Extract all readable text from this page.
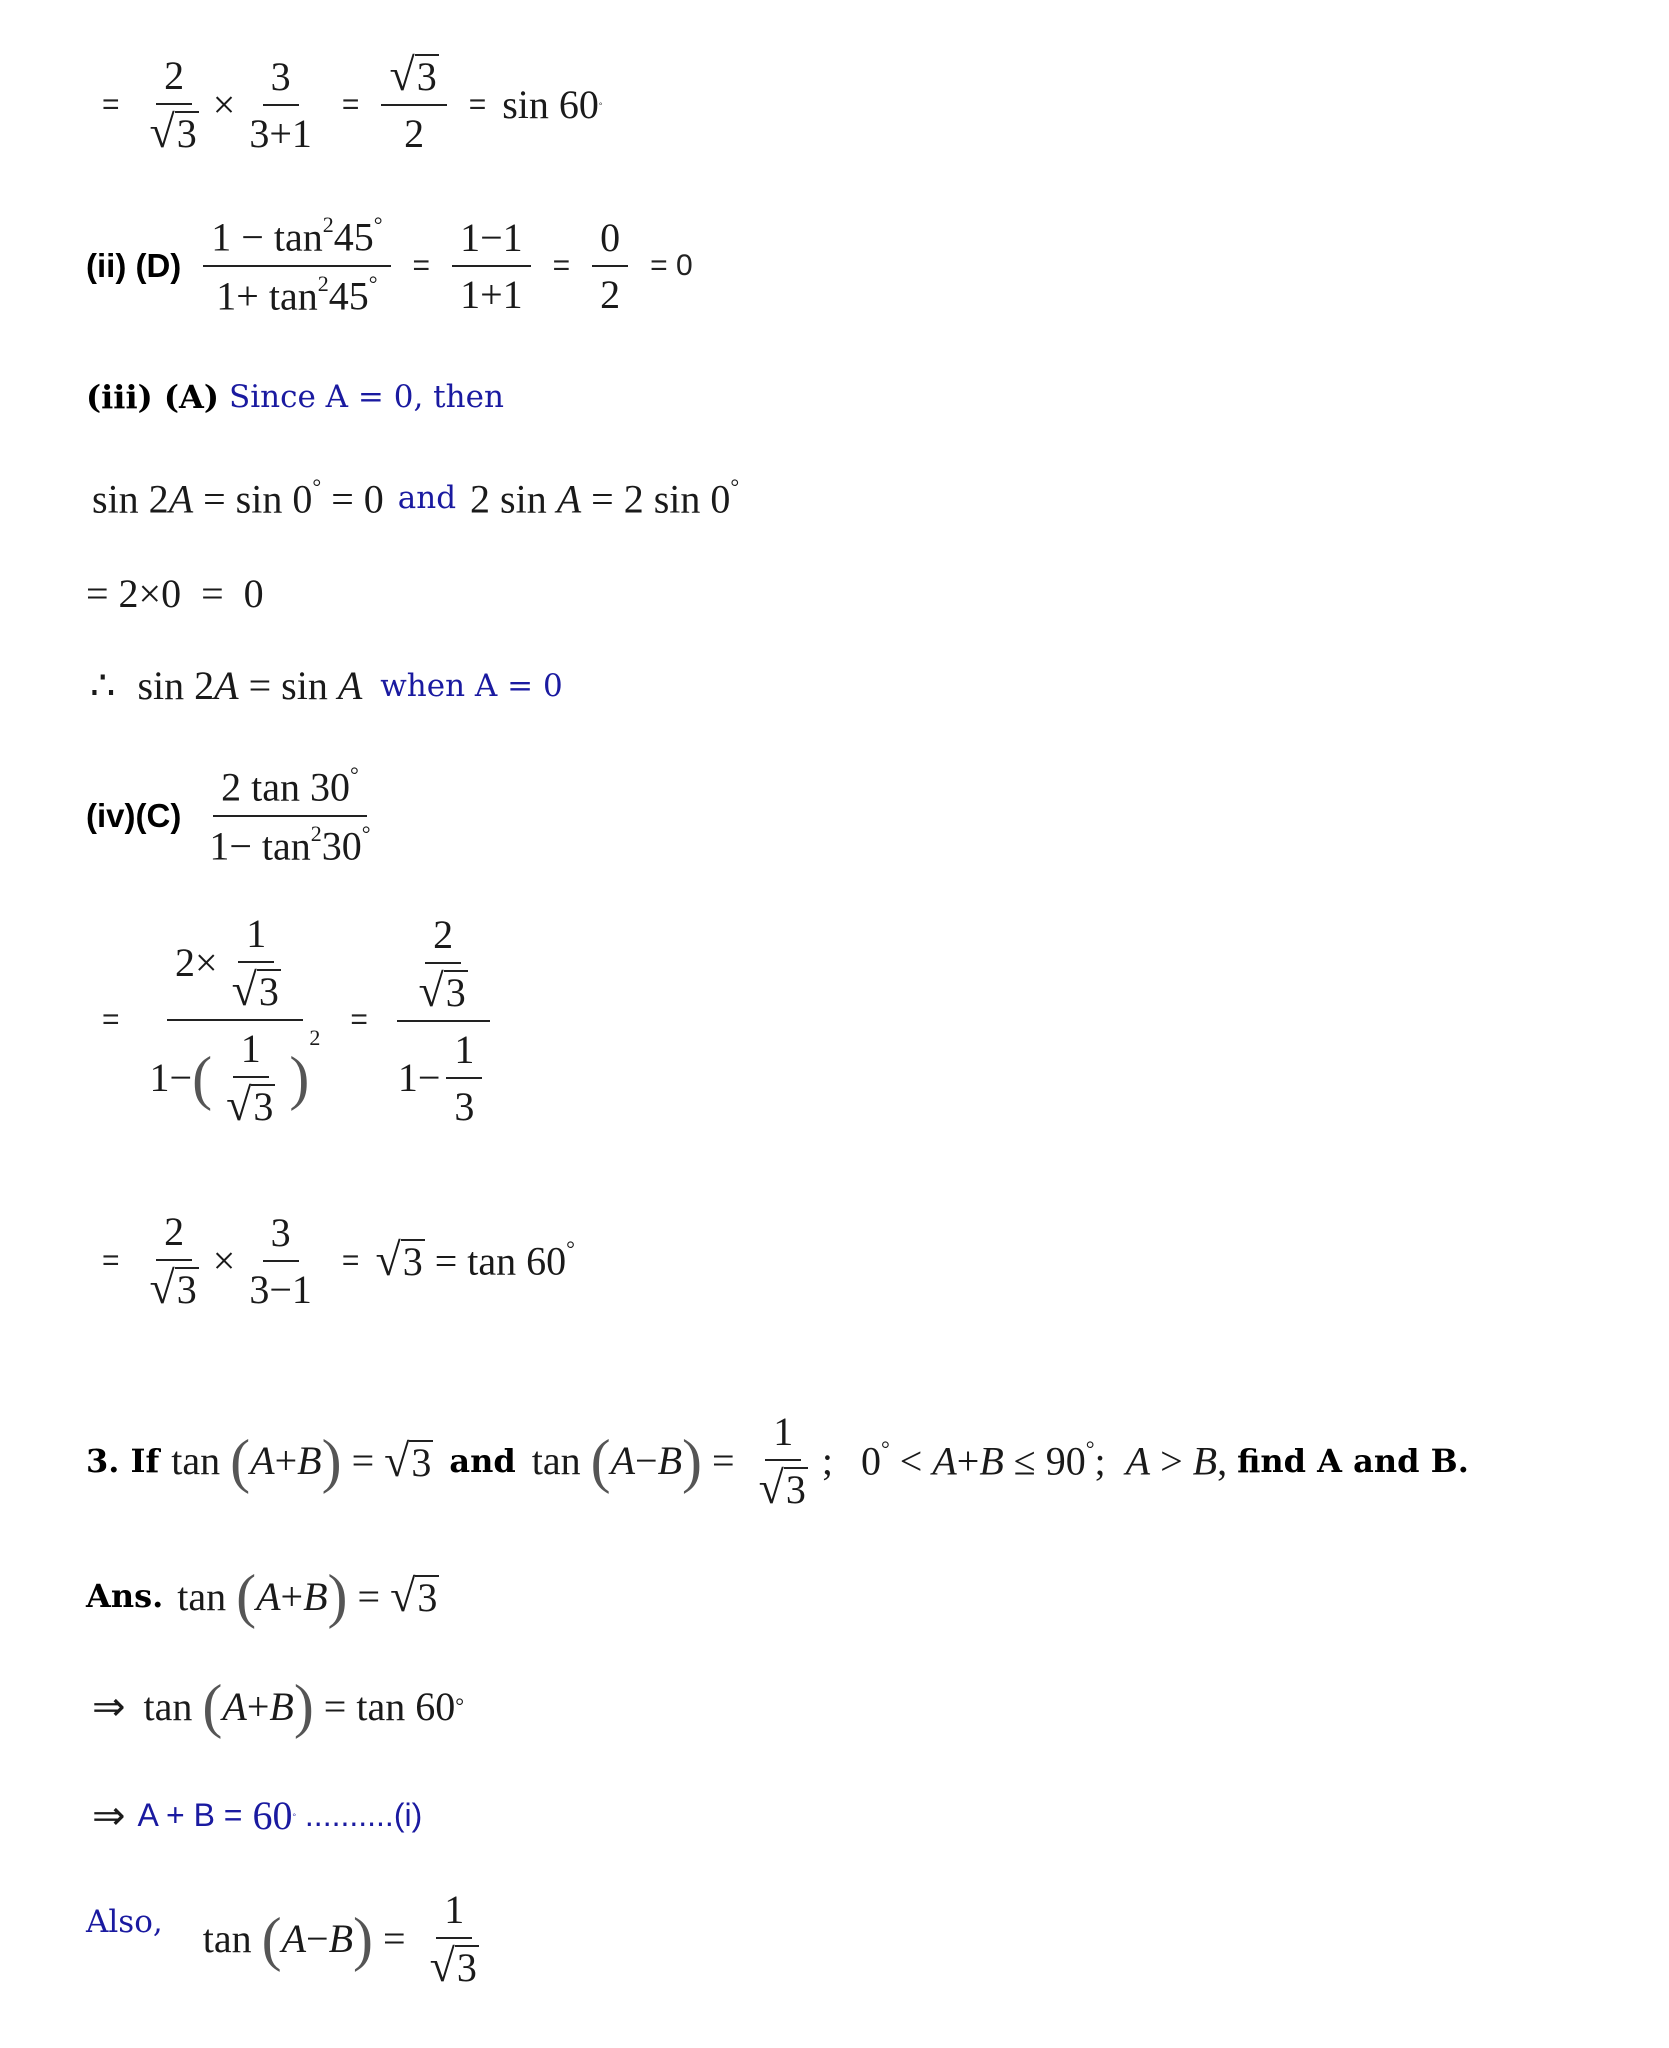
= $\frac{2}{√ 3} \times \frac{3}{3+1} = \frac{√ 3}{2} = \sin 60$ °
(ii) $(D) \frac{1 - \tan^245^\circ}{1+ \tan^245^\circ} = \frac{1-1}{1+1} = \frac{0}{2} = 0$
(iii) (A) Since A = 0, then
sin 2A = sin 0° = 0 and 2 sin A = 2 sin 0°
= 2×0  =  0
∴ sin 2A = sin A when A = 0
$(iv)(C) \frac{2 \tan 30^\circ}{1- \tan^230^\circ}$
=
$2\times \frac{1}{√ 3}$
1− ( $\frac{1}{√ 3}$ )
2
= $\frac{\frac{2}{√ 3}}{1- \frac{1}{3}}$
= $\frac{2}{√ 3} \times \frac{3}{3-1}$ = √ 3 = tan 60°
3. If tan
( A + B ) = √ 3 and tan
( A − B ) = $\frac{1}{√ 3}$ ; 0° < A+B ≤ 90°; A > B, find A and B.
Ans. tan
( A + B ) = √ 3
⇒ tan
( A + B ) = tan 60 °
⇒ A + B = 60 ° ..........(i)
Also, tan
( A − B ) = $\frac{1}{√ 3}$
